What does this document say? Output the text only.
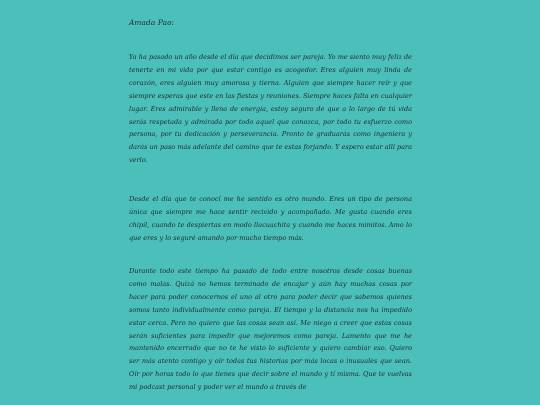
Amada Pao:

Ya ha pasado un año desde el día que decidimos ser pareja. Yo me siento muy feliz de tenerte en mi vida por que estar contigo es acogedor. Eres alguien muy linda de corazón, eres alguien muy amorosa y tierna. Alguien que siempre hacer reír y que siempre esperas que este en las fiestas y reuniones. Siempre haces falta en cualquier lugar. Eres admirable y llena de energía, estoy seguro de que a lo largo de tú vida serás respetada y admirada por todo aquel que conozca, por todo tu esfuerzo como persona, por tu dedicación y perseverancia. Pronto te graduarás como ingeniera y darás un paso más adelante del camino que te estas forjando. Y espero estar allí para verlo.

Desde el día que te conocí me he sentido es otro mundo. Eres un tipo de persona única que siempre me hace sentir recivido y acompañado. Me gusta cuando eres chipil, cuando te despiertas en modo llacuachita y cuando me haces mimitos. Amo lo que eres y lo seguré amando por mucho tiempo más.

Durante todo este tiempo ha pasado de todo entre nosotros desde cosas buenas como malas. Quizá no hemos terminado de encajar y aún hay muchas cosas por hacer para poder conocernos el uno al otro para poder decir que sabemos quienes somos tanto individualmente como pareja. El tiempo y la distancia nos ha impedido estar cerca. Pero no quiero que las cosas sean así. Me niego a creer que estas cosas serán suficientes para impedir que mejoremos como pareja. Lamento que me he mantenido encerrado que no te he visto lo suficiente y quiero cambiar eso. Quiero ser más atento contigo y oír todas tus historias por más locas o inusuales que sean. Oír por horas todo lo que tienes que decir sobre el mundo y tí misma. Que te vuelvas mi podcast personal y poder ver el mundo a través de
